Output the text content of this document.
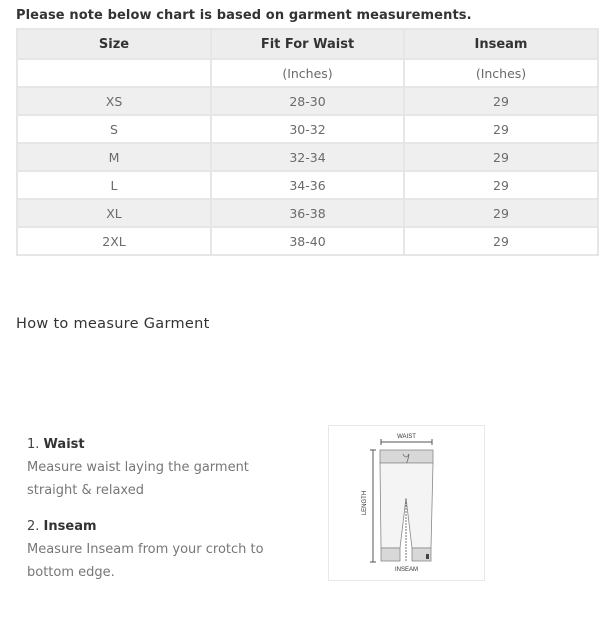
Please note below chart is based on garment measurements.
Size	Fit For Waist	Inseam
	(Inches)	(Inches)
XS	28-30	29
S	30-32	29
M	32-34	29
L	34-36	29
XL	36-38	29
2XL	38-40	29
How to measure Garment
1. Waist
Measure waist laying the garment straight & relaxed
2. Inseam
Measure Inseam from your crotch to bottom edge.
WAIST
LENGTH
INSEAM
